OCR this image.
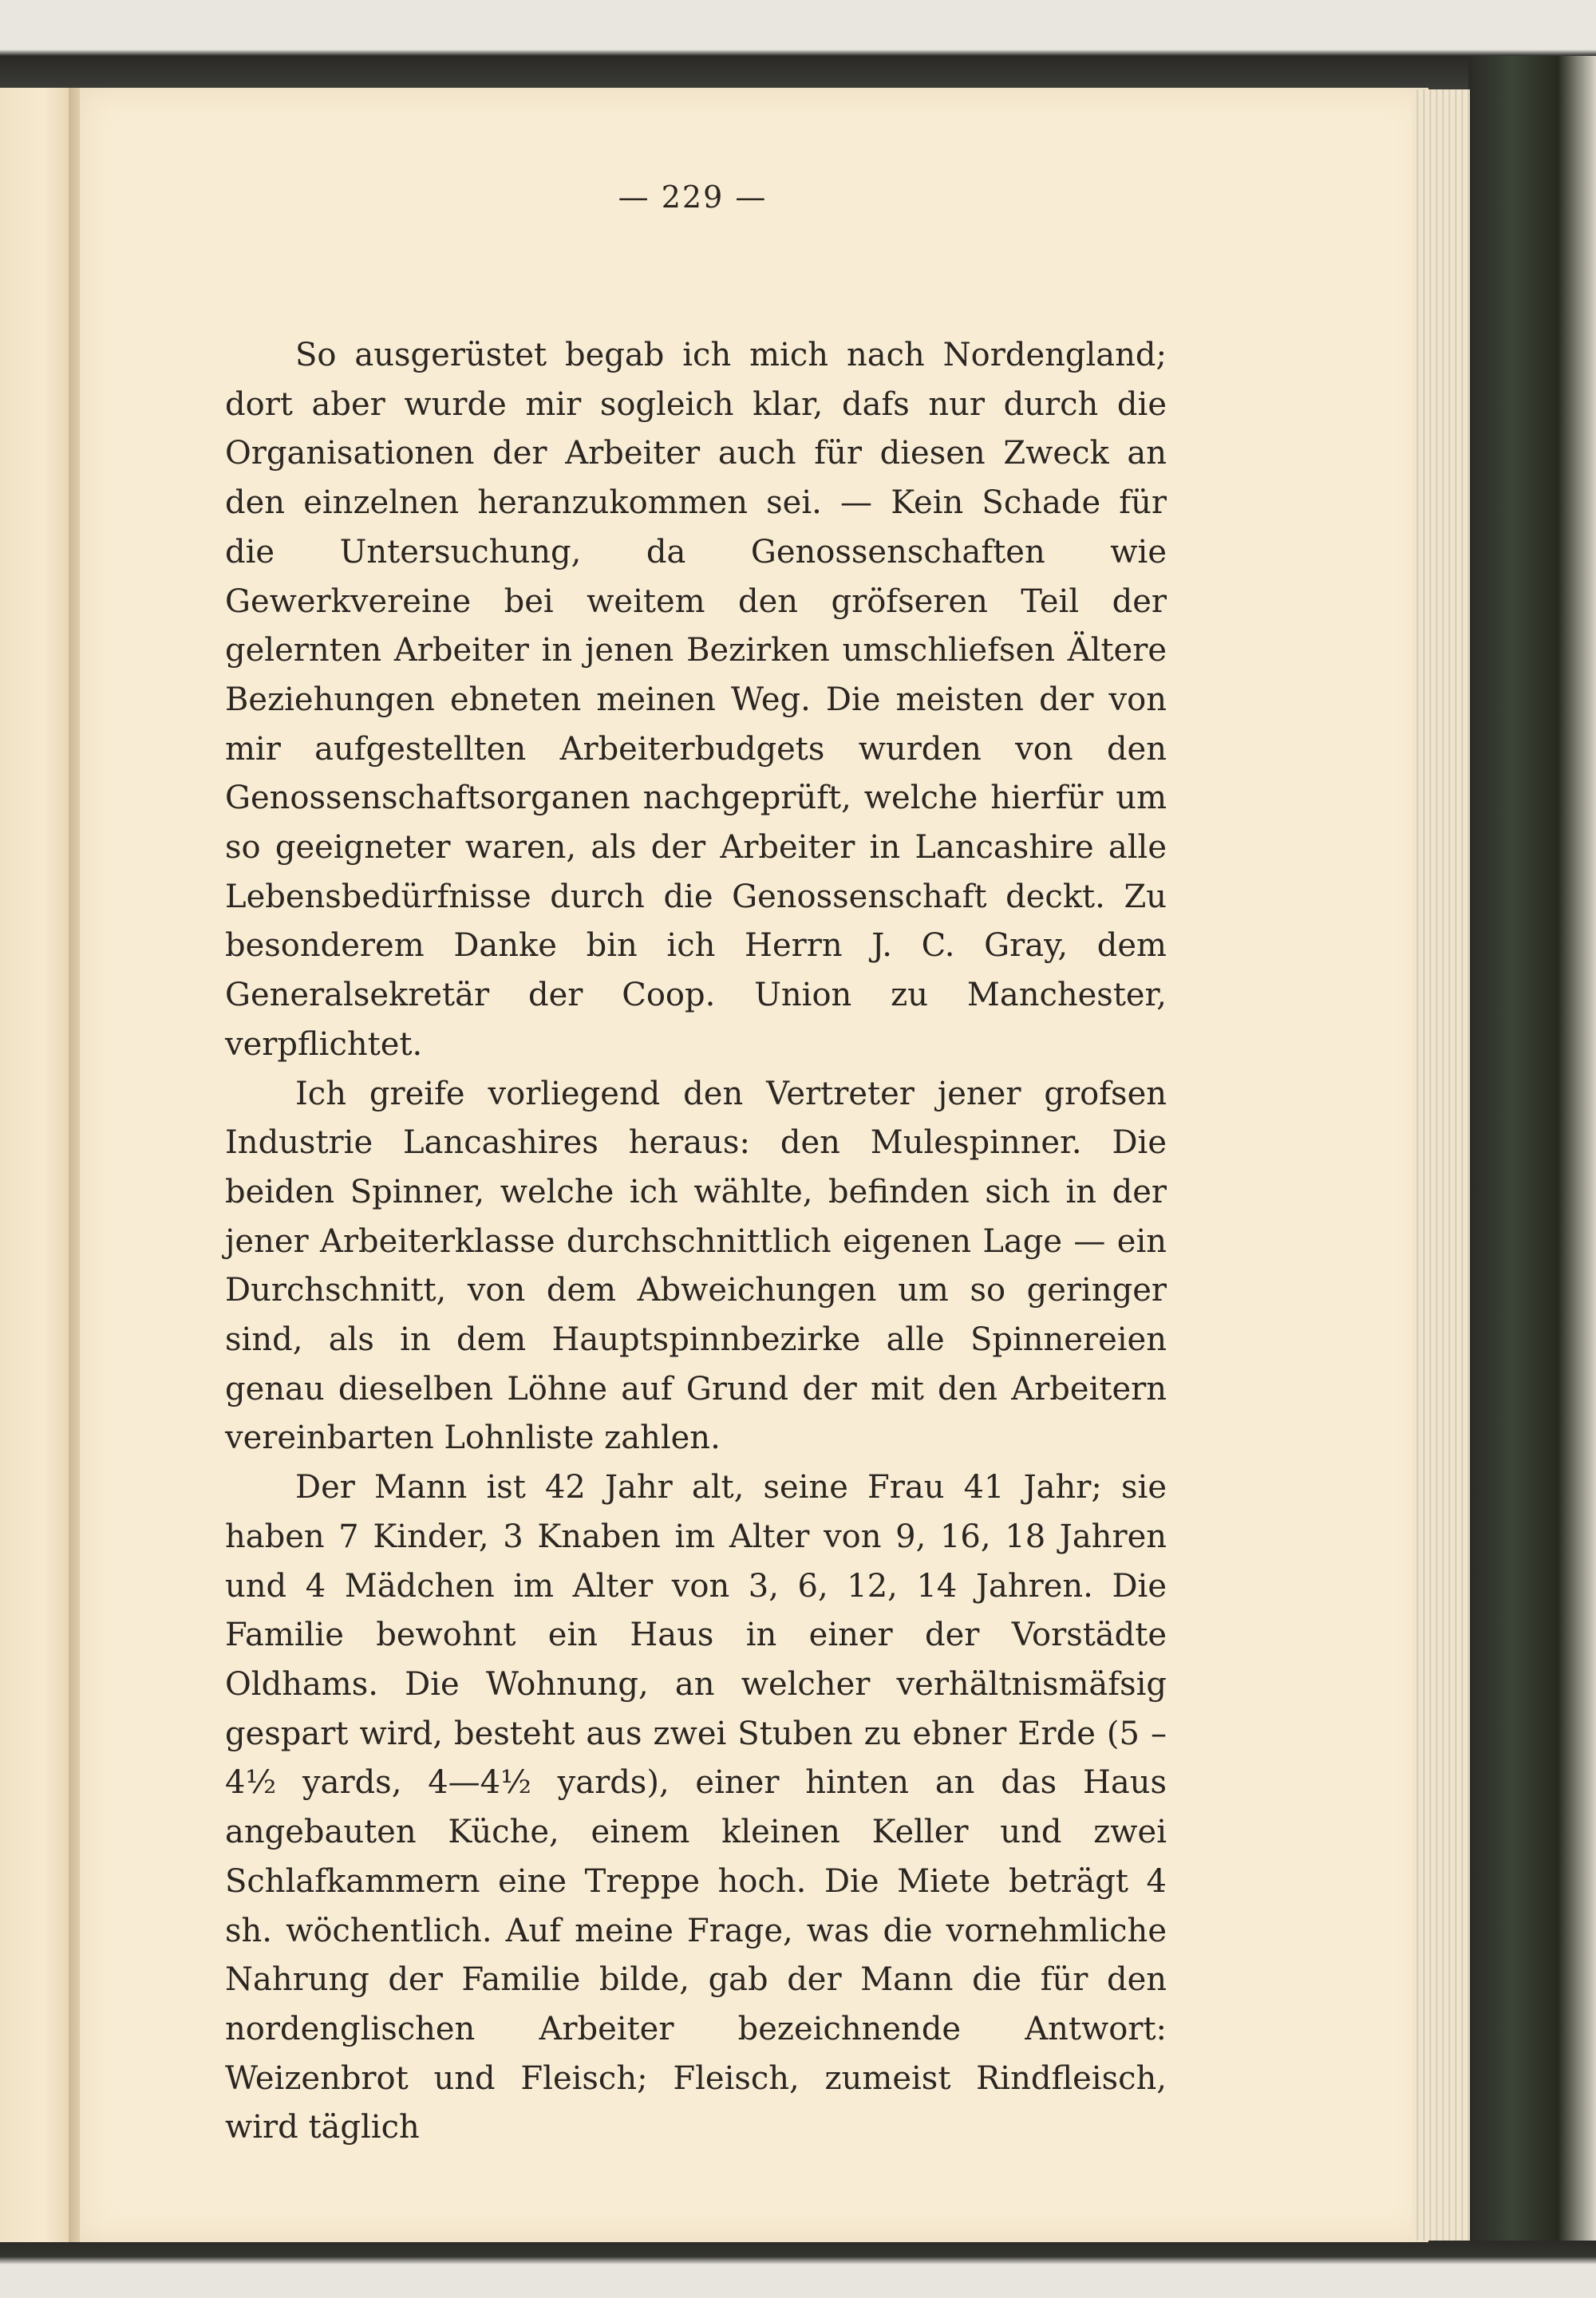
— 229 —

So ausgerüstet begab ich mich nach Nordengland; dort aber wurde mir sogleich klar, dafs nur durch die Organisationen der Arbeiter auch für diesen Zweck an den einzelnen heranzukommen sei. — Kein Schade für die Untersuchung, da Genossenschaften wie Gewerkvereine bei weitem den gröfseren Teil der gelernten Arbeiter in jenen Bezirken umschliefsen Ältere Beziehungen ebneten meinen Weg. Die meisten der von mir aufgestellten Arbeiterbudgets wurden von den Genossenschaftsorganen nachgeprüft, welche hierfür um so geeigneter waren, als der Arbeiter in Lancashire alle Lebensbedürfnisse durch die Genossenschaft deckt. Zu besonderem Danke bin ich Herrn J. C. Gray, dem Generalsekretär der Coop. Union zu Manchester, verpflichtet.

Ich greife vorliegend den Vertreter jener grofsen Industrie Lancashires heraus: den Mulespinner. Die beiden Spinner, welche ich wählte, befinden sich in der jener Arbeiterklasse durchschnittlich eigenen Lage — ein Durchschnitt, von dem Abweichungen um so geringer sind, als in dem Hauptspinnbezirke alle Spinnereien genau dieselben Löhne auf Grund der mit den Arbeitern vereinbarten Lohnliste zahlen.

Der Mann ist 42 Jahr alt, seine Frau 41 Jahr; sie haben 7 Kinder, 3 Knaben im Alter von 9, 16, 18 Jahren und 4 Mädchen im Alter von 3, 6, 12, 14 Jahren. Die Familie bewohnt ein Haus in einer der Vorstädte Oldhams. Die Wohnung, an welcher verhältnismäfsig gespart wird, besteht aus zwei Stuben zu ebner Erde (5 – 4½ yards, 4—4½ yards), einer hinten an das Haus angebauten Küche, einem kleinen Keller und zwei Schlafkammern eine Treppe hoch. Die Miete beträgt 4 sh. wöchentlich. Auf meine Frage, was die vornehmliche Nahrung der Familie bilde, gab der Mann die für den nordenglischen Arbeiter bezeichnende Antwort: Weizenbrot und Fleisch; Fleisch, zumeist Rindfleisch, wird täglich
